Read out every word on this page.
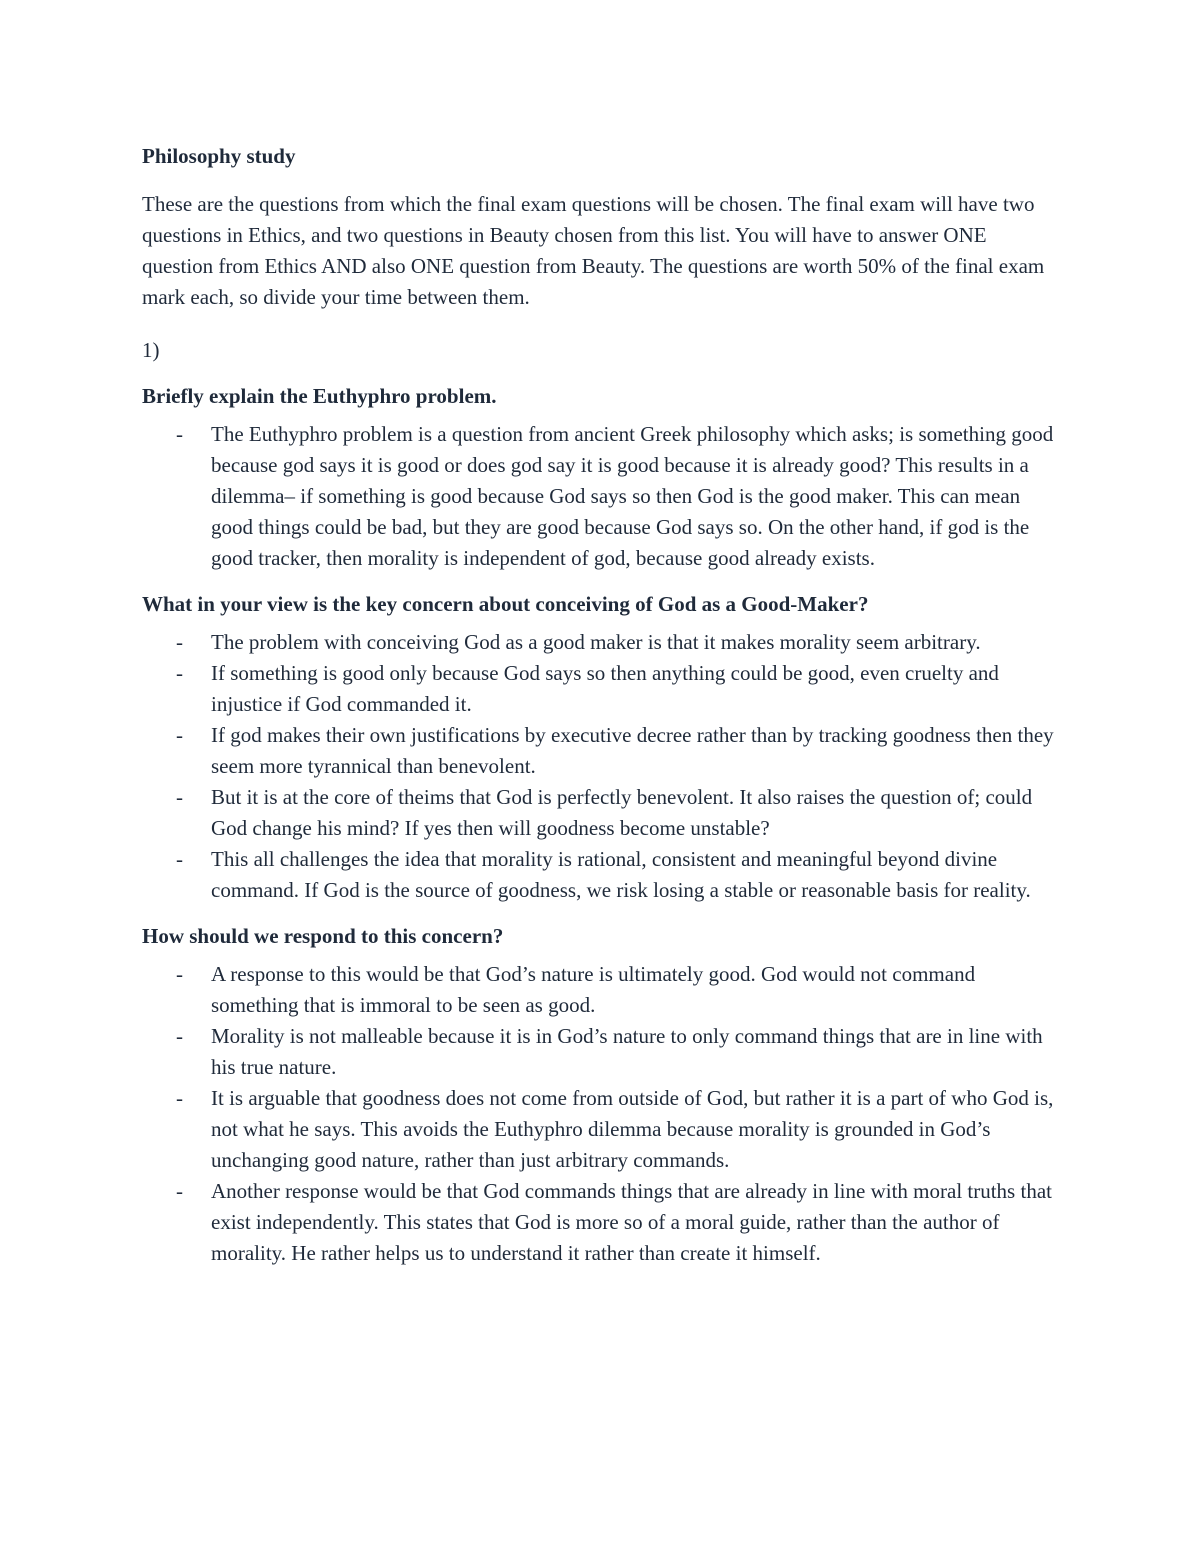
Philosophy study
These are the questions from which the final exam questions will be chosen. The final exam will have two questions in Ethics, and two questions in Beauty chosen from this list. You will have to answer ONE question from Ethics AND also ONE question from Beauty. The questions are worth 50% of the final exam mark each, so divide your time between them.
1)
Briefly explain the Euthyphro problem.
- The Euthyphro problem is a question from ancient Greek philosophy which asks; is something good because god says it is good or does god say it is good because it is already good? This results in a dilemma– if something is good because God says so then God is the good maker. This can mean good things could be bad, but they are good because God says so. On the other hand, if god is the good tracker, then morality is independent of god, because good already exists.
What in your view is the key concern about conceiving of God as a Good-Maker?
- The problem with conceiving God as a good maker is that it makes morality seem arbitrary.
- If something is good only because God says so then anything could be good, even cruelty and injustice if God commanded it.
- If god makes their own justifications by executive decree rather than by tracking goodness then they seem more tyrannical than benevolent.
- But it is at the core of theims that God is perfectly benevolent. It also raises the question of; could God change his mind? If yes then will goodness become unstable?
- This all challenges the idea that morality is rational, consistent and meaningful beyond divine command. If God is the source of goodness, we risk losing a stable or reasonable basis for reality.
How should we respond to this concern?
- A response to this would be that God’s nature is ultimately good. God would not command something that is immoral to be seen as good.
- Morality is not malleable because it is in God’s nature to only command things that are in line with his true nature.
- It is arguable that goodness does not come from outside of God, but rather it is a part of who God is, not what he says. This avoids the Euthyphro dilemma because morality is grounded in God’s unchanging good nature, rather than just arbitrary commands.
- Another response would be that God commands things that are already in line with moral truths that exist independently. This states that God is more so of a moral guide, rather than the author of morality. He rather helps us to understand it rather than create it himself.
